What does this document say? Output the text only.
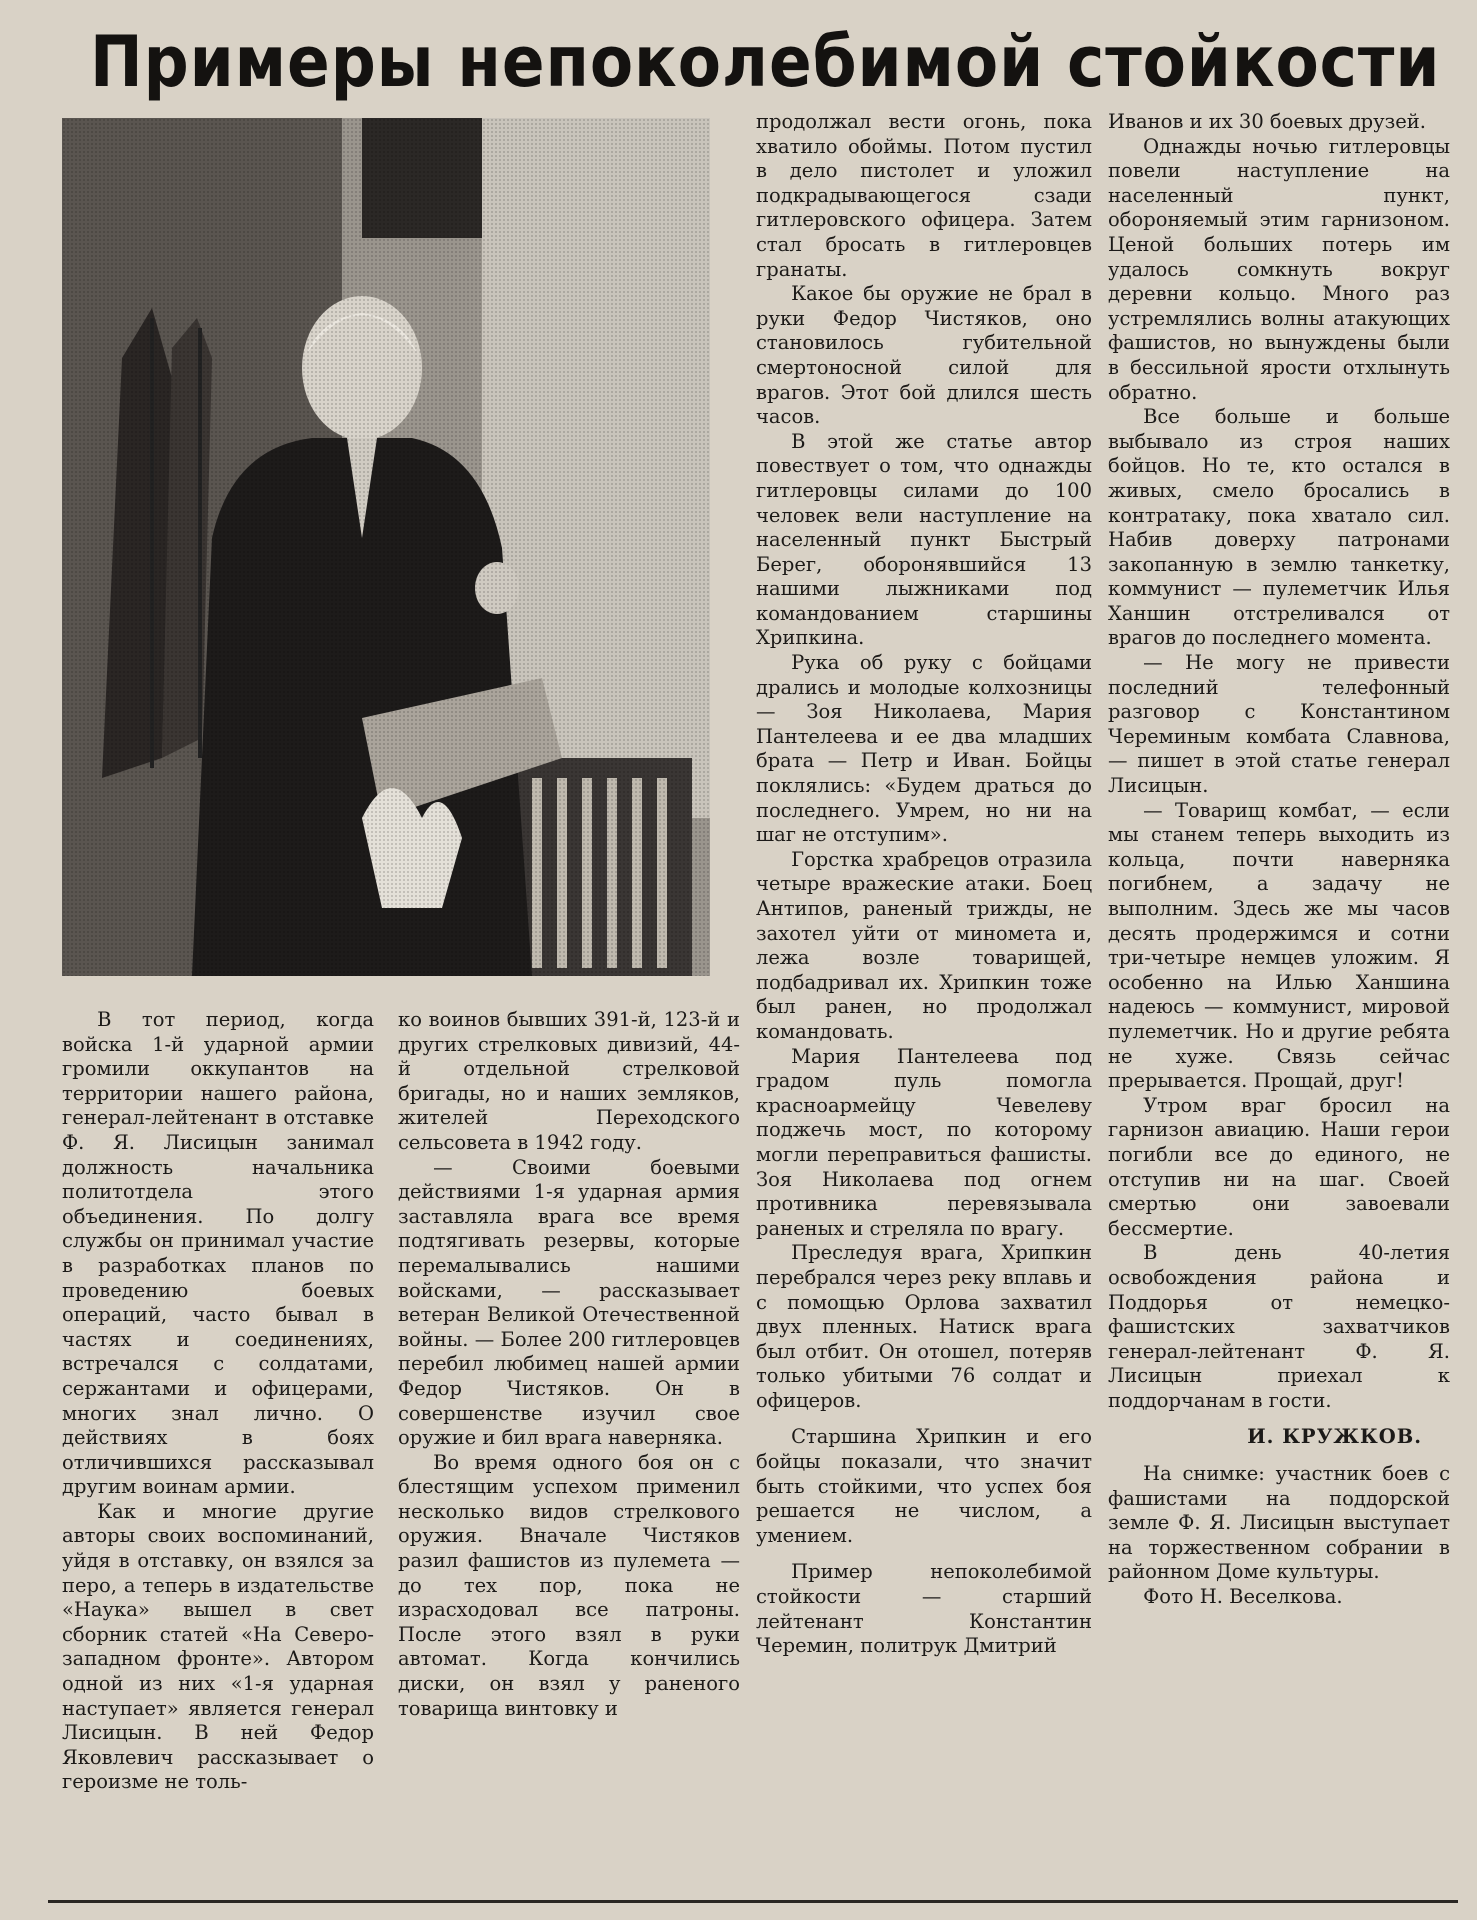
Примеры непоколебимой стойкости

В тот период, когда войска 1-й ударной армии громили оккупантов на территории нашего района, генерал-лейтенант в отставке Ф. Я. Лисицын занимал должность начальника политотдела этого объединения. По долгу службы он принимал участие в разработках планов по проведению боевых операций, часто бывал в частях и соединениях, встречался с солдатами, сержантами и офицерами, многих знал лично. О действиях в боях отличившихся рассказывал другим воинам армии.

Как и многие другие авторы своих воспоминаний, уйдя в отставку, он взялся за перо, а теперь в издательстве «Наука» вышел в свет сборник статей «На Северо-западном фронте». Автором одной из них «1-я ударная наступает» является генерал Лисицын. В ней Федор Яковлевич рассказывает о героизме не толь-

ко воинов бывших 391-й, 123-й и других стрелковых дивизий, 44-й отдельной стрелковой бригады, но и наших земляков, жителей Переходского сельсовета в 1942 году.

— Своими боевыми действиями 1-я ударная армия заставляла врага все время подтягивать резервы, которые перемалывались нашими войсками, — рассказывает ветеран Великой Отечественной войны. — Более 200 гитлеровцев перебил любимец нашей армии Федор Чистяков. Он в совершенстве изучил свое оружие и бил врага наверняка.

Во время одного боя он с блестящим успехом применил несколько видов стрелкового оружия. Вначале Чистяков разил фашистов из пулемета — до тех пор, пока не израсходовал все патроны. После этого взял в руки автомат. Когда кончились диски, он взял у раненого товарища винтовку и

продолжал вести огонь, пока хватило обоймы. Потом пустил в дело пистолет и уложил подкрадывающегося сзади гитлеровского офицера. Затем стал бросать в гитлеровцев гранаты.

Какое бы оружие не брал в руки Федор Чистяков, оно становилось губительной смертоносной силой для врагов. Этот бой длился шесть часов.

В этой же статье автор повествует о том, что однажды гитлеровцы силами до 100 человек вели наступление на населенный пункт Быстрый Берег, оборонявшийся 13 нашими лыжниками под командованием старшины Хрипкина.

Рука об руку с бойцами дрались и молодые колхозницы — Зоя Николаева, Мария Пантелеева и ее два младших брата — Петр и Иван. Бойцы поклялись: «Будем драться до последнего. Умрем, но ни на шаг не отступим».

Горстка храбрецов отразила четыре вражеские атаки. Боец Антипов, раненый трижды, не захотел уйти от миномета и, лежа возле товарищей, подбадривал их. Хрипкин тоже был ранен, но продолжал командовать.

Мария Пантелеева под градом пуль помогла красноармейцу Чевелеву поджечь мост, по которому могли переправиться фашисты. Зоя Николаева под огнем противника перевязывала раненых и стреляла по врагу.

Преследуя врага, Хрипкин перебрался через реку вплавь и с помощью Орлова захватил двух пленных. Натиск врага был отбит. Он отошел, потеряв только убитыми 76 солдат и офицеров.

Старшина Хрипкин и его бойцы показали, что значит быть стойкими, что успех боя решается не числом, а умением.

Пример непоколебимой стойкости — старший лейтенант Константин Черемин, политрук Дмитрий

Иванов и их 30 боевых друзей.

Однажды ночью гитлеровцы повели наступление на населенный пункт, обороняемый этим гарнизоном. Ценой больших потерь им удалось сомкнуть вокруг деревни кольцо. Много раз устремлялись волны атакующих фашистов, но вынуждены были в бессильной ярости отхлынуть обратно.

Все больше и больше выбывало из строя наших бойцов. Но те, кто остался в живых, смело бросались в контратаку, пока хватало сил. Набив доверху патронами закопанную в землю танкетку, коммунист — пулеметчик Илья Ханшин отстреливался от врагов до последнего момента.

— Не могу не привести последний телефонный разговор с Константином Череминым комбата Славнова, — пишет в этой статье генерал Лисицын.

— Товарищ комбат, — если мы станем теперь выходить из кольца, почти наверняка погибнем, а задачу не выполним. Здесь же мы часов десять продержимся и сотни три-четыре немцев уложим. Я особенно на Илью Ханшина надеюсь — коммунист, мировой пулеметчик. Но и другие ребята не хуже. Связь сейчас прерывается. Прощай, друг!

Утром враг бросил на гарнизон авиацию. Наши герои погибли все до единого, не отступив ни на шаг. Своей смертью они завоевали бессмертие.

В день 40-летия освобождения района и Поддорья от немецко-фашистских захватчиков генерал-лейтенант Ф. Я. Лисицын приехал к поддорчанам в гости.

И. КРУЖКОВ.

На снимке: участник боев с фашистами на поддорской земле Ф. Я. Лисицын выступает на торжественном собрании в районном Доме культуры.

Фото Н. Веселкова.
